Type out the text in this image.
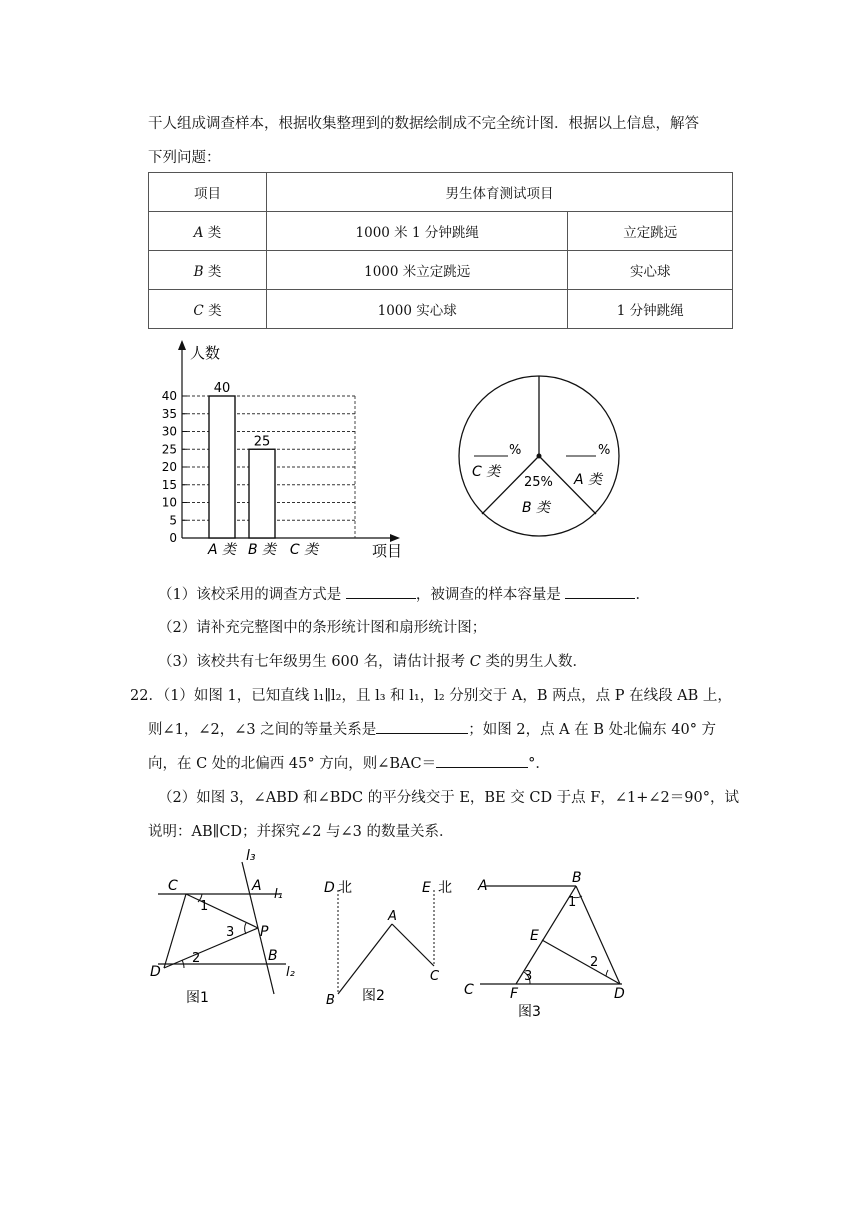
干人组成调查样本，根据收集整理到的数据绘制成不完全统计图．根据以上信息，解答
下列问题：
项目	男生体育测试项目	
A 类	1000 米 1 分钟跳绳	立定跳远
B 类	1000 米立定跳远	实心球
C 类	1000 实心球	1 分钟跳绳
人数
项目
0
5
10
15
20
25
30
35
40	40
A 类
25
B 类 C 类
%
C 类
%
A 类
25%
B 类
（1）该校采用的调查方式是	，被调查的样本容量是	．
（2）请补充完整图中的条形统计图和扇形统计图；
（3）该校共有七年级男生 600 名，请估计报考 C 类的男生人数．
22．（1）如图 1，已知直线 l₁∥l₂，且 l₃ 和 l₁，l₂ 分别交于 A，B 两点，点 P 在线段 AB 上，
则∠1，∠2，∠3 之间的等量关系是	；如图 2，点 A 在 B 处北偏东 40° 方
向，在 C 处的北偏西 45° 方向，则∠BAC＝	°．
（2）如图 3，∠ABD 和∠BDC 的平分线交于 E，BE 交 CD 于点 F，∠1+∠2＝90°，试
说明：AB∥CD；并探究∠2 与∠3 的数量关系．
l₃
C	A
l₁
1
3 P
2	B
D	l₂
图1
D 北	E 北
A
B
C
图2
A	B
1
E
2
3
C	F	D
图3
